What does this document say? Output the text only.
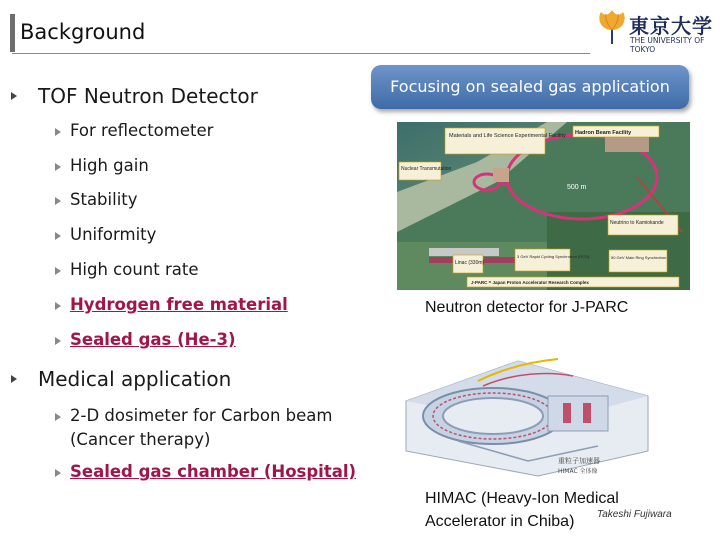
Background	東京大学
THE UNIVERSITY OF TOKYO
TOF Neutron Detector
For reflectometer
High gain
Stability
Uniformity
High count rate
Hydrogen free material
Sealed gas (He-3)
Medical application
2-D dosimeter for Carbon beam
(Cancer therapy)
Sealed gas chamber (Hospital)
Focusing on sealed gas application
Materials and Life Science Experimental Facility Hadron Beam Facility
Nuclear Transmutation
500 m
Neutrino to Kamiokande
Linac (330m)
3 GeV Rapid Cycling Synchrotron (RCS)	50 GeV Main Ring Synchrotron
J-PARC = Japan Proton Accelerator Research Complex
Neutron detector for J-PARC
重粒子加速器
HIMAC 全体像
HIMAC (Heavy-Ion Medical
Accelerator in Chiba) Takeshi Fujiwara
